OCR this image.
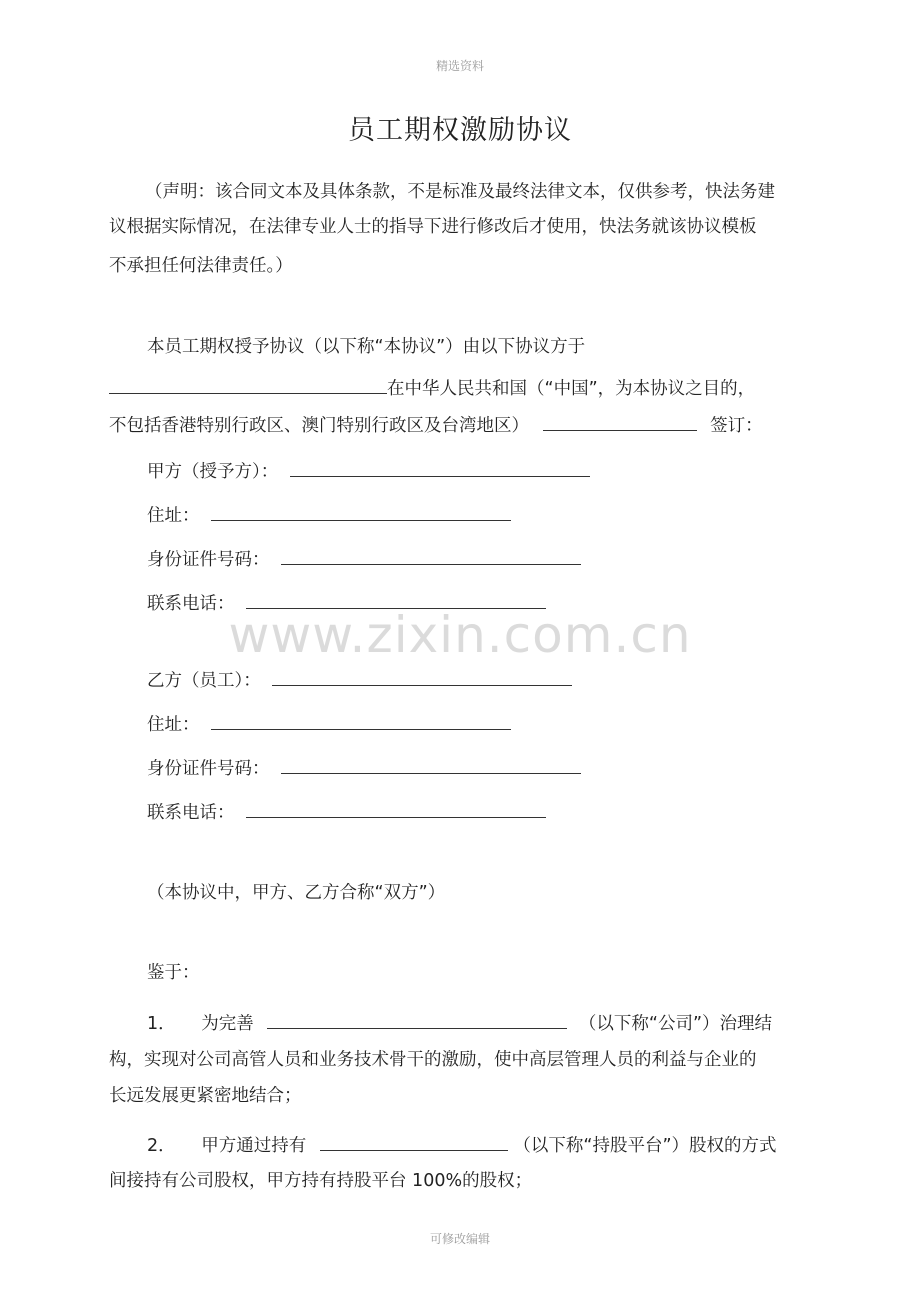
精选资料
员工期权激励协议
（声明：该合同文本及具体条款，不是标准及最终法律文本，仅供参考，快法务建
议根据实际情况，在法律专业人士的指导下进行修改后才使用，快法务就该协议模板
不承担任何法律责任。）
本员工期权授予协议（以下称“本协议”）由以下协议方于
在中华人民共和国（“中国”，为本协议之目的，
不包括香港特别行政区、澳门特别行政区及台湾地区）	签订：
甲方（授予方）：
住址：
身份证件号码：
联系电话：
www.zixin.com.cn
乙方（员工）：
住址：
身份证件号码：
联系电话：
（本协议中，甲方、乙方合称“双方”）
鉴于：
1． 为完善	（以下称“公司”）治理结
构，实现对公司高管人员和业务技术骨干的激励，使中高层管理人员的利益与企业的
长远发展更紧密地结合；
2． 甲方通过持有	（以下称“持股平台”）股权的方式
间接持有公司股权，甲方持有持股平台 100%的股权；
可修改编辑
